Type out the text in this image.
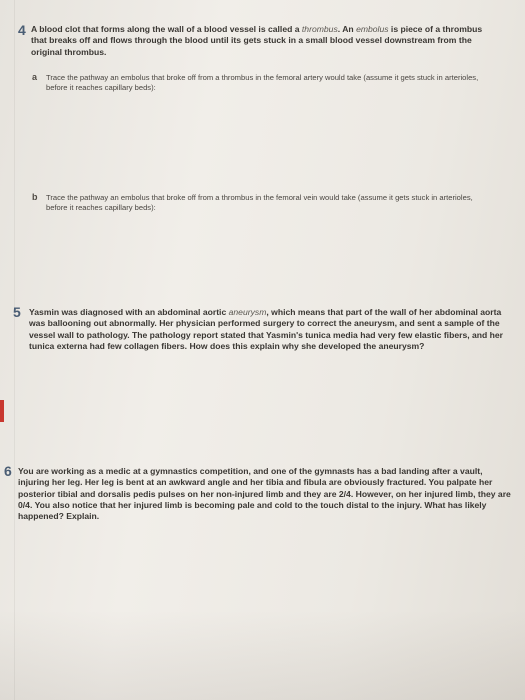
4 A blood clot that forms along the wall of a blood vessel is called a thrombus. An embolus is piece of a thrombus that breaks off and flows through the blood until its gets stuck in a small blood vessel downstream from the original thrombus.
a Trace the pathway an embolus that broke off from a thrombus in the femoral artery would take (assume it gets stuck in arterioles, before it reaches capillary beds):
b Trace the pathway an embolus that broke off from a thrombus in the femoral vein would take (assume it gets stuck in arterioles, before it reaches capillary beds):
5 Yasmin was diagnosed with an abdominal aortic aneurysm, which means that part of the wall of her abdominal aorta was ballooning out abnormally. Her physician performed surgery to correct the aneurysm, and sent a sample of the vessel wall to pathology. The pathology report stated that Yasmin's tunica media had very few elastic fibers, and her tunica externa had few collagen fibers. How does this explain why she developed the aneurysm?
6 You are working as a medic at a gymnastics competition, and one of the gymnasts has a bad landing after a vault, injuring her leg. Her leg is bent at an awkward angle and her tibia and fibula are obviously fractured. You palpate her posterior tibial and dorsalis pedis pulses on her non-injured limb and they are 2/4. However, on her injured limb, they are 0/4. You also notice that her injured limb is becoming pale and cold to the touch distal to the injury. What has likely happened? Explain.
